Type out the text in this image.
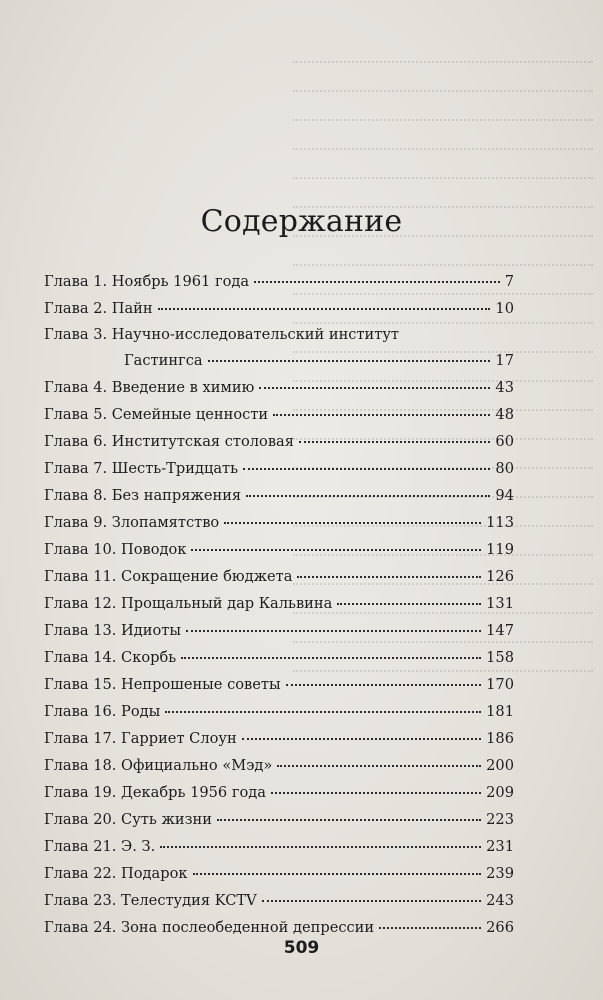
Содержание
Глава 1. Ноябрь 1961 года	7
Глава 2. Пайн	10
Глава 3. Научно-исследовательский институт
Гастингса	17
Глава 4. Введение в химию	43
Глава 5. Семейные ценности	48
Глава 6. Институтская столовая	60
Глава 7. Шесть-Тридцать	80
Глава 8. Без напряжения	94
Глава 9. Злопамятство	113
Глава 10. Поводок	119
Глава 11. Сокращение бюджета	126
Глава 12. Прощальный дар Кальвина	131
Глава 13. Идиоты	147
Глава 14. Скорбь	158
Глава 15. Непрошеные советы	170
Глава 16. Роды	181
Глава 17. Гарриет Слоун	186
Глава 18. Официально «Мэд»	200
Глава 19. Декабрь 1956 года	209
Глава 20. Суть жизни	223
Глава 21. Э. З.	231
Глава 22. Подарок	239
Глава 23. Телестудия KCTV	243
Глава 24. Зона послеобеденной депрессии	266
509
